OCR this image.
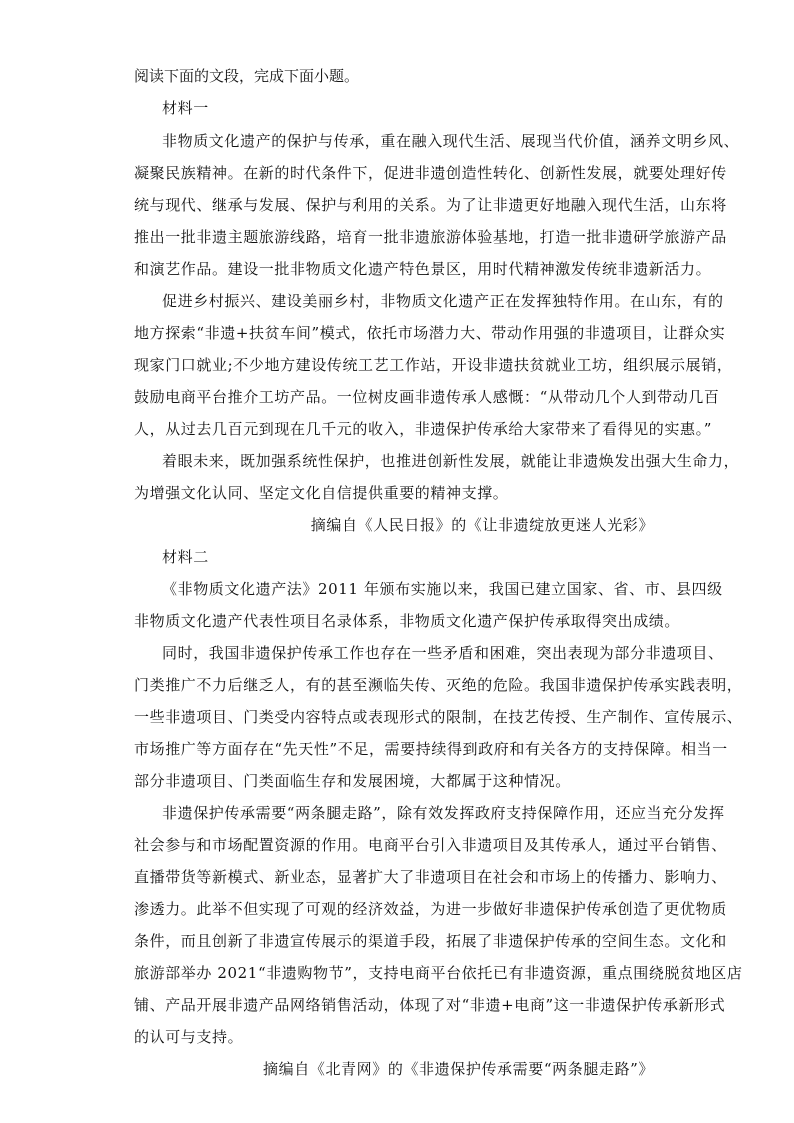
阅读下面的文段，完成下面小题。
材料一
非物质文化遗产的保护与传承，重在融入现代生活、展现当代价值，涵养文明乡风、
凝聚民族精神。在新的时代条件下，促进非遗创造性转化、创新性发展，就要处理好传
统与现代、继承与发展、保护与利用的关系。为了让非遗更好地融入现代生活，山东将
推出一批非遗主题旅游线路，培育一批非遗旅游体验基地，打造一批非遗研学旅游产品
和演艺作品。建设一批非物质文化遗产特色景区，用时代精神激发传统非遗新活力。
促进乡村振兴、建设美丽乡村，非物质文化遗产正在发挥独特作用。在山东，有的
地方探索“非遗+扶贫车间”模式，依托市场潜力大、带动作用强的非遗项目，让群众实
现家门口就业;不少地方建设传统工艺工作站，开设非遗扶贫就业工坊，组织展示展销，
鼓励电商平台推介工坊产品。一位树皮画非遗传承人感慨：“从带动几个人到带动几百
人，从过去几百元到现在几千元的收入，非遗保护传承给大家带来了看得见的实惠。”
着眼未来，既加强系统性保护，也推进创新性发展，就能让非遗焕发出强大生命力，
为增强文化认同、坚定文化自信提供重要的精神支撑。
摘编自《人民日报》的《让非遗绽放更迷人光彩》
材料二
《非物质文化遗产法》2011 年颁布实施以来，我国已建立国家、省、市、县四级
非物质文化遗产代表性项目名录体系，非物质文化遗产保护传承取得突出成绩。
同时，我国非遗保护传承工作也存在一些矛盾和困难，突出表现为部分非遗项目、
门类推广不力后继乏人，有的甚至濒临失传、灭绝的危险。我国非遗保护传承实践表明，
一些非遗项目、门类受内容特点或表现形式的限制，在技艺传授、生产制作、宣传展示、
市场推广等方面存在“先天性”不足，需要持续得到政府和有关各方的支持保障。相当一
部分非遗项目、门类面临生存和发展困境，大都属于这种情况。
非遗保护传承需要“两条腿走路”，除有效发挥政府支持保障作用，还应当充分发挥
社会参与和市场配置资源的作用。电商平台引入非遗项目及其传承人，通过平台销售、
直播带货等新模式、新业态，显著扩大了非遗项目在社会和市场上的传播力、影响力、
渗透力。此举不但实现了可观的经济效益，为进一步做好非遗保护传承创造了更优物质
条件，而且创新了非遗宣传展示的渠道手段，拓展了非遗保护传承的空间生态。文化和
旅游部举办 2021“非遗购物节”，支持电商平台依托已有非遗资源，重点围绕脱贫地区店
铺、产品开展非遗产品网络销售活动，体现了对“非遗+电商”这一非遗保护传承新形式
的认可与支持。
摘编自《北青网》的《非遗保护传承需要“两条腿走路”》
